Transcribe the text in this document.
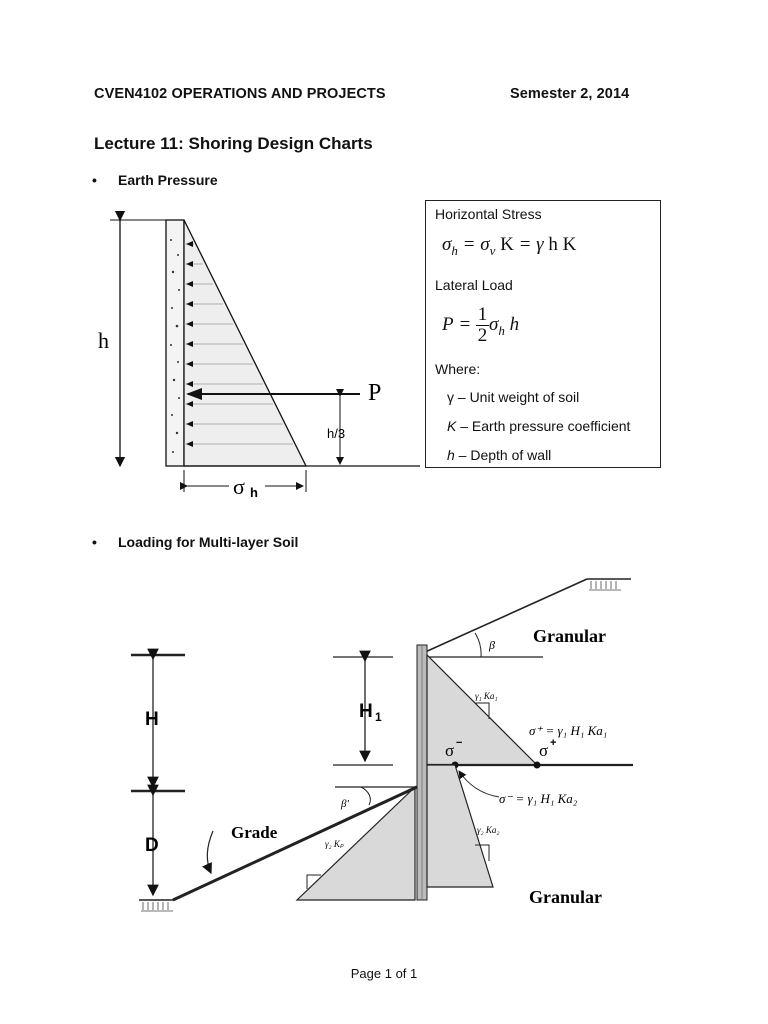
CVEN4102 OPERATIONS AND PROJECTS	Semester 2, 2014
Lecture 11: Shoring Design Charts
• Earth Pressure
h
P
h/3
σ h
Horizontal Stress
$\sigma_h = \sigma_v$ K = γ h K
Lateral Load
P = 1
2 $\sigma_h$
h
Where:
γ – Unit weight of soil
K – Earth pressure coefficient
h – Depth of wall
• Loading for Multi-layer Soil
Granular
Granular
Grade
H
D
H 1
β
β'
σ −	σ +
σ⁺ = γ₁ H₁ Ka₁
σ⁻ = γ₁ H₁ Ka₂
γ₁ Ka₁
γ₂ Ka₂
γ₂ Kₚ
Page 1 of 1
